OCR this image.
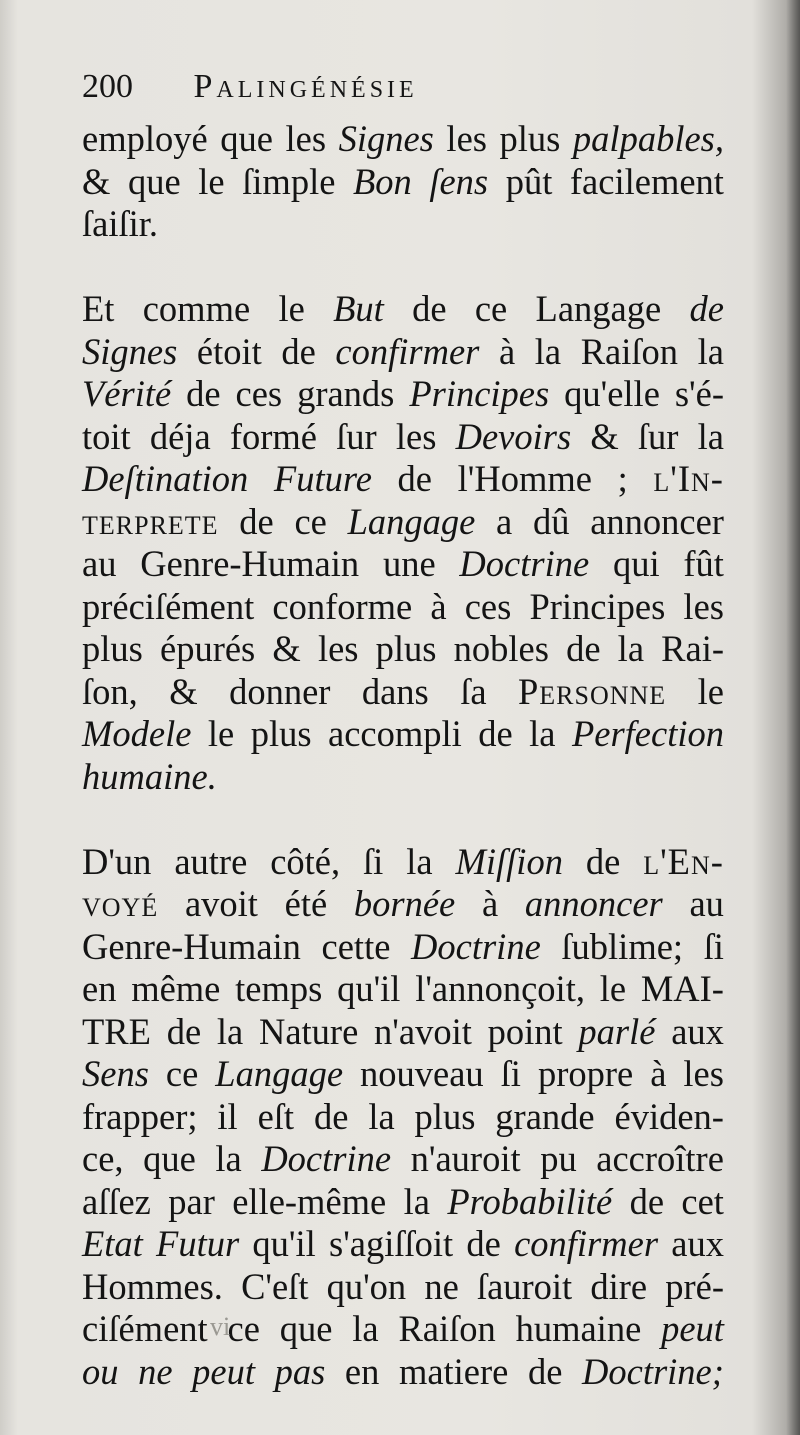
200 Palingénésie
employé que les Signes les plus palpables,
& que le ſimple Bon ſens pût facilement
ſaiſir.
Et comme le But de ce Langage de
Signes étoit de confirmer à la Raiſon la
Vérité de ces grands Principes qu'elle s'é-
toit déja formé ſur les Devoirs & ſur la
Deſtination Future de l'Homme ; l'In-
terprete de ce Langage a dû annoncer
au Genre-Humain une Doctrine qui fût
préciſément conforme à ces Principes les
plus épurés & les plus nobles de la Rai-
ſon, & donner dans ſa Personne le
Modele le plus accompli de la Perfection
humaine.
D'un autre côté, ſi la Miſſion de l'En-
voyé avoit été bornée à annoncer au
Genre-Humain cette Doctrine ſublime; ſi
en même temps qu'il l'annonçoit, le MAI-
TRE de la Nature n'avoit point parlé aux
Sens ce Langage nouveau ſi propre à les
frapper; il eſt de la plus grande éviden-
ce, que la Doctrine n'auroit pu accroître
aſſez par elle-même la Probabilité de cet
Etat Futur qu'il s'agiſſoit de confirmer aux
Hommes. C'eſt qu'on ne ſauroit dire pré-
ciſément ce que la Raiſon humaine peut
ou ne peut pas en matiere de Doctrine;
vi
